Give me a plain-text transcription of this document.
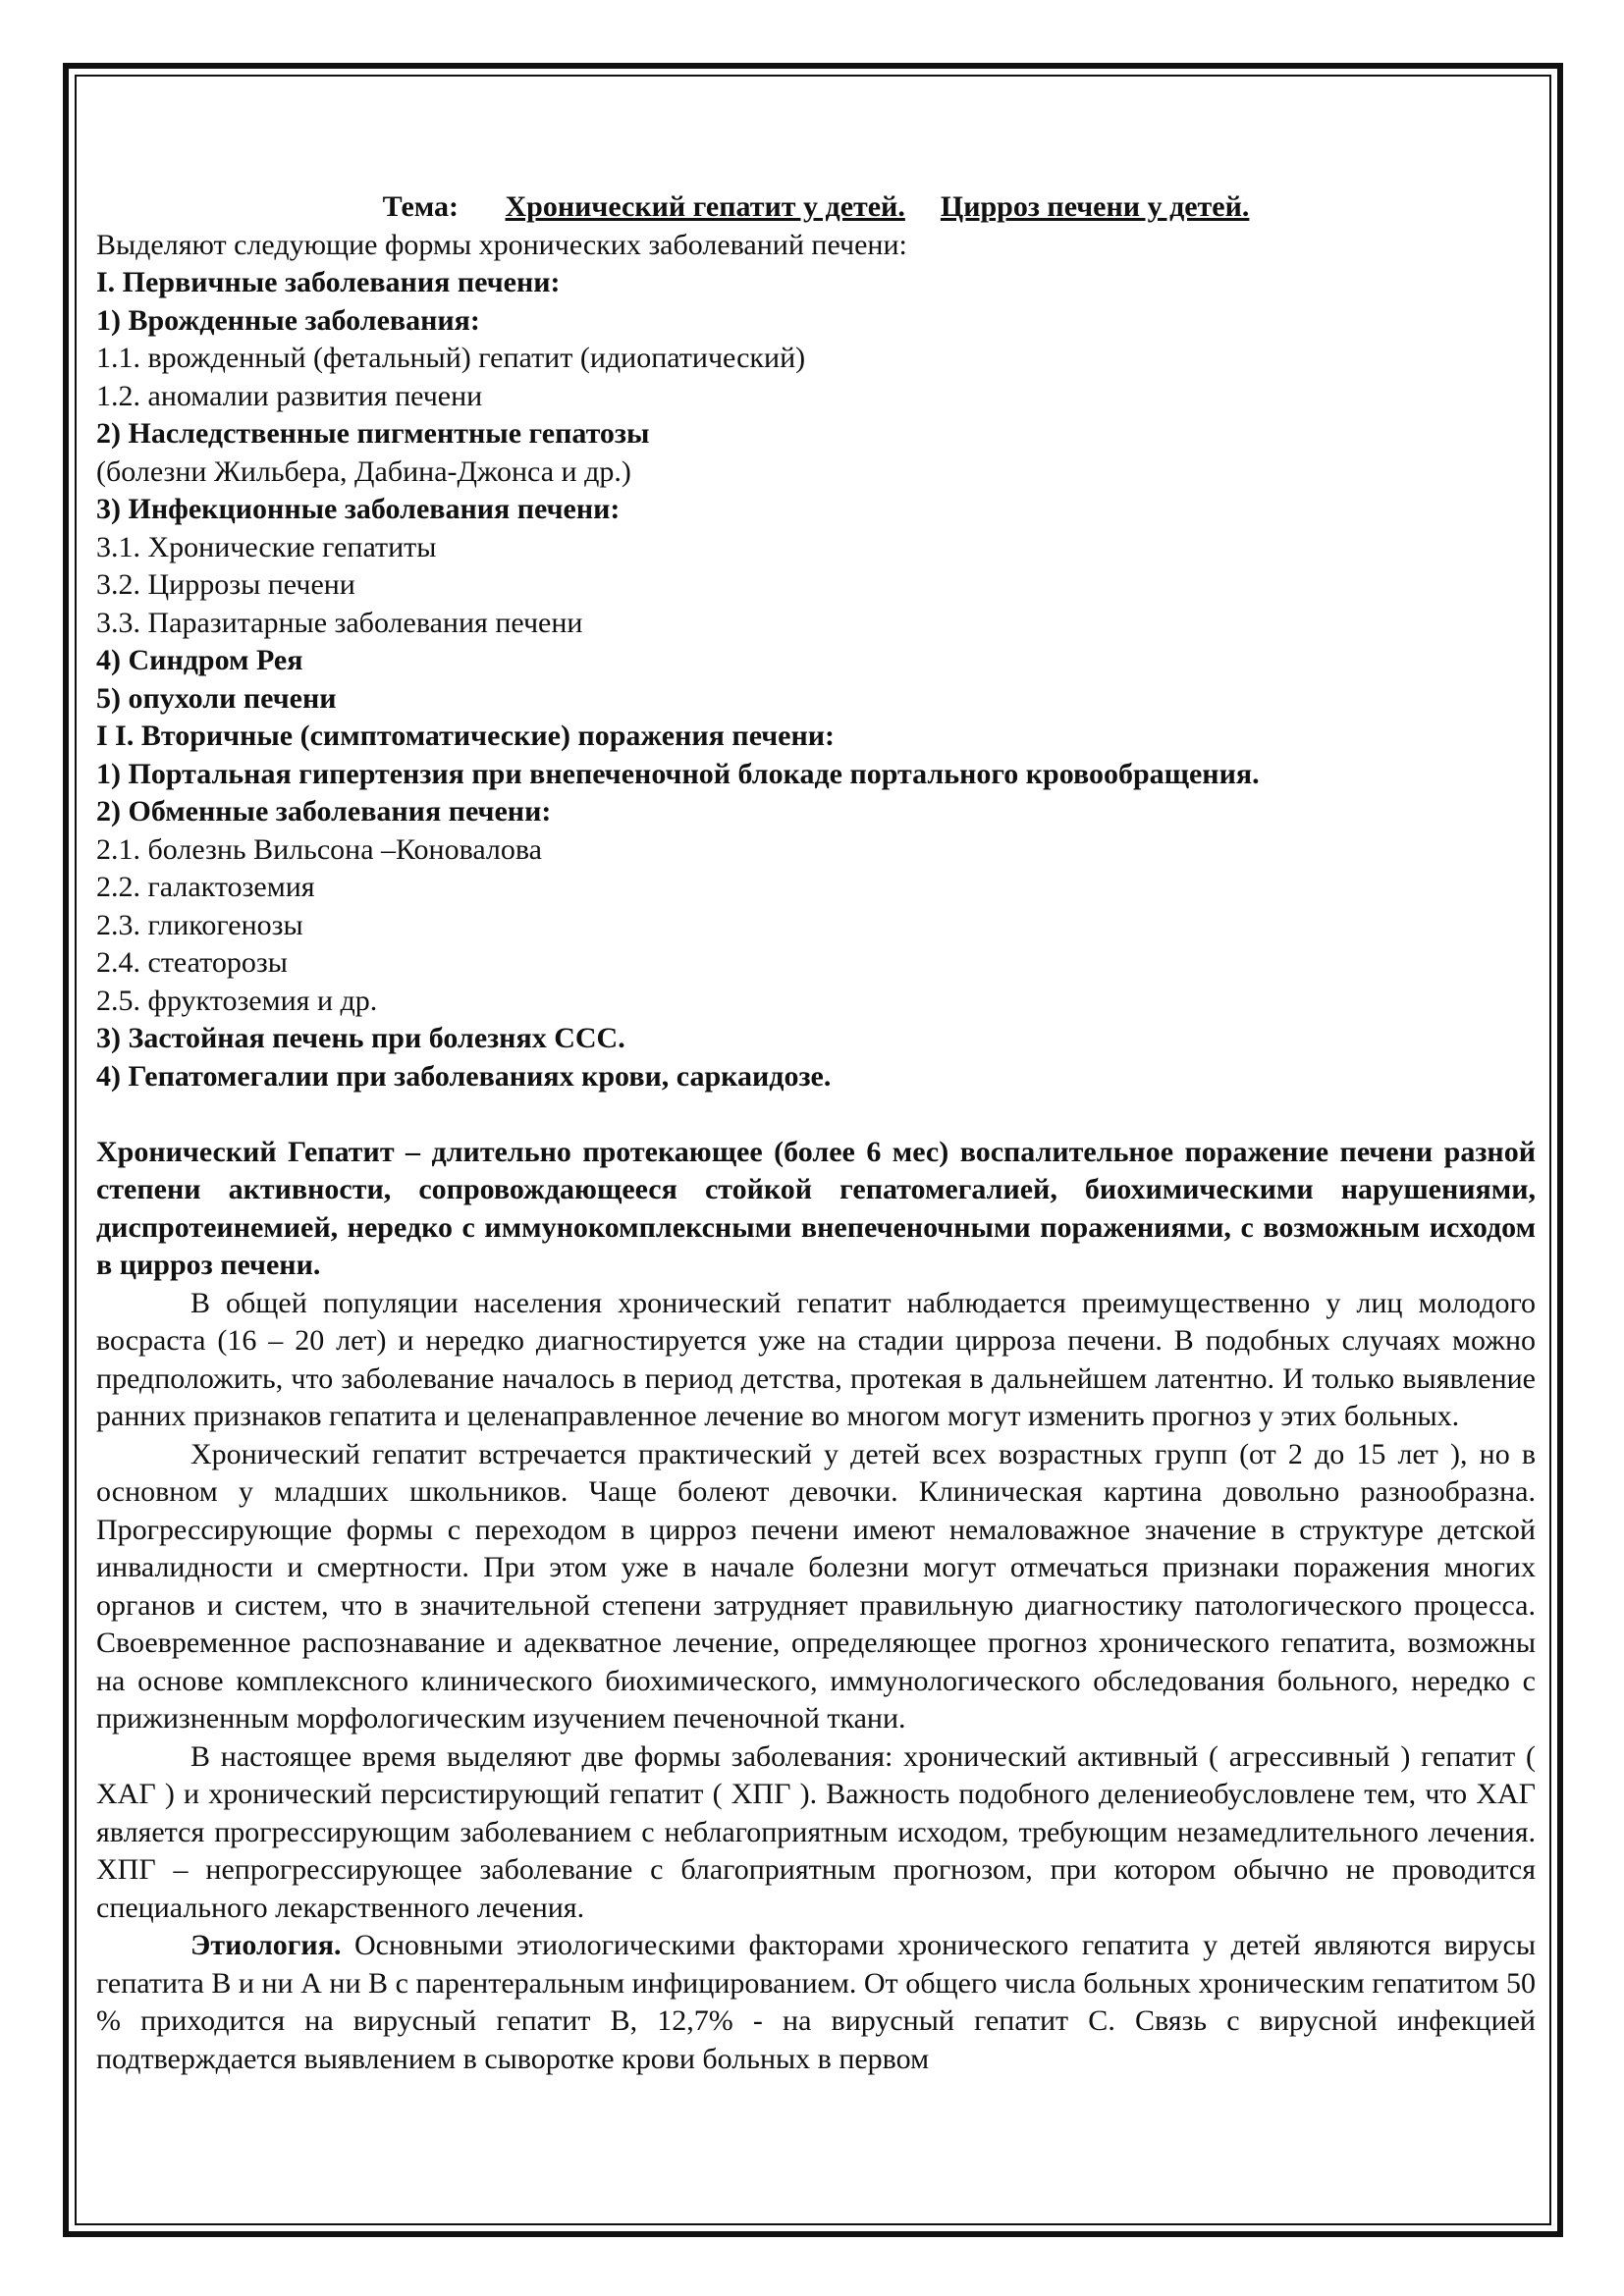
Тема: Хронический гепатит у детей. Цирроз печени у детей.

Выделяют следующие формы хронических заболеваний печени:

I. Первичные заболевания печени:

1) Врожденные заболевания:

1.1. врожденный (фетальный) гепатит (идиопатический)

1.2. аномалии развития печени

2) Наследственные пигментные гепатозы

(болезни Жильбера, Дабина-Джонса и др.)

3) Инфекционные заболевания печени:

3.1. Хронические гепатиты

3.2. Циррозы печени

3.3. Паразитарные заболевания печени

4) Синдром Рея

5) опухоли печени

I I. Вторичные (симптоматические) поражения печени:

1) Портальная гипертензия при внепеченочной блокаде портального кровообращения.

2) Обменные заболевания печени:

2.1. болезнь Вильсона –Коновалова

2.2. галактоземия

2.3. гликогенозы

2.4. стеаторозы

2.5. фруктоземия и др.

3) Застойная печень при болезнях ССС.

4) Гепатомегалии при заболеваниях крови, саркаидозе.

Хронический Гепатит – длительно протекающее (более 6 мес) воспалительное поражение печени разной степени активности, сопровождающееся стойкой гепатомегалией, биохимическими нарушениями, диспротеинемией, нередко с иммунокомплексными внепеченочными поражениями, с возможным исходом в цирроз печени.

В общей популяции населения хронический гепатит наблюдается преимущественно у лиц молодого восраста (16 – 20 лет) и нередко диагностируется уже на стадии цирроза печени. В подобных случаях можно предположить, что заболевание началось в период детства, протекая в дальнейшем латентно. И только выявление ранних признаков гепатита и целенаправленное лечение во многом могут изменить прогноз у этих больных.

Хронический гепатит встречается практический у детей всех возрастных групп (от 2 до 15 лет ), но в основном у младших школьников. Чаще болеют девочки. Клиническая картина довольно разнообразна. Прогрессирующие формы с переходом в цирроз печени имеют немаловажное значение в структуре детской инвалидности и смертности. При этом уже в начале болезни могут отмечаться признаки поражения многих органов и систем, что в значительной степени затрудняет правильную диагностику патологического процесса. Своевременное распознавание и адекватное лечение, определяющее прогноз хронического гепатита, возможны на основе комплексного клинического биохимического, иммунологического обследования больного, нередко с прижизненным морфологическим изучением печеночной ткани.

В настоящее время выделяют две формы заболевания: хронический активный ( агрессивный ) гепатит ( ХАГ ) и хронический персистирующий гепатит ( ХПГ ). Важность подобного делениеобусловлене тем, что ХАГ является прогрессирующим заболеванием с неблагоприятным исходом, требующим незамедлительного лечения. ХПГ – непрогрессирующее заболевание с благоприятным прогнозом, при котором обычно не проводится специального лекарственного лечения.

Этиология. Основными этиологическими факторами хронического гепатита у детей являются вирусы гепатита В и ни А ни В с парентеральным инфицированием. От общего числа больных хроническим гепатитом 50 % приходится на вирусный гепатит В, 12,7% - на вирусный гепатит С. Связь с вирусной инфекцией подтверждается выявлением в сыворотке крови больных в первом
